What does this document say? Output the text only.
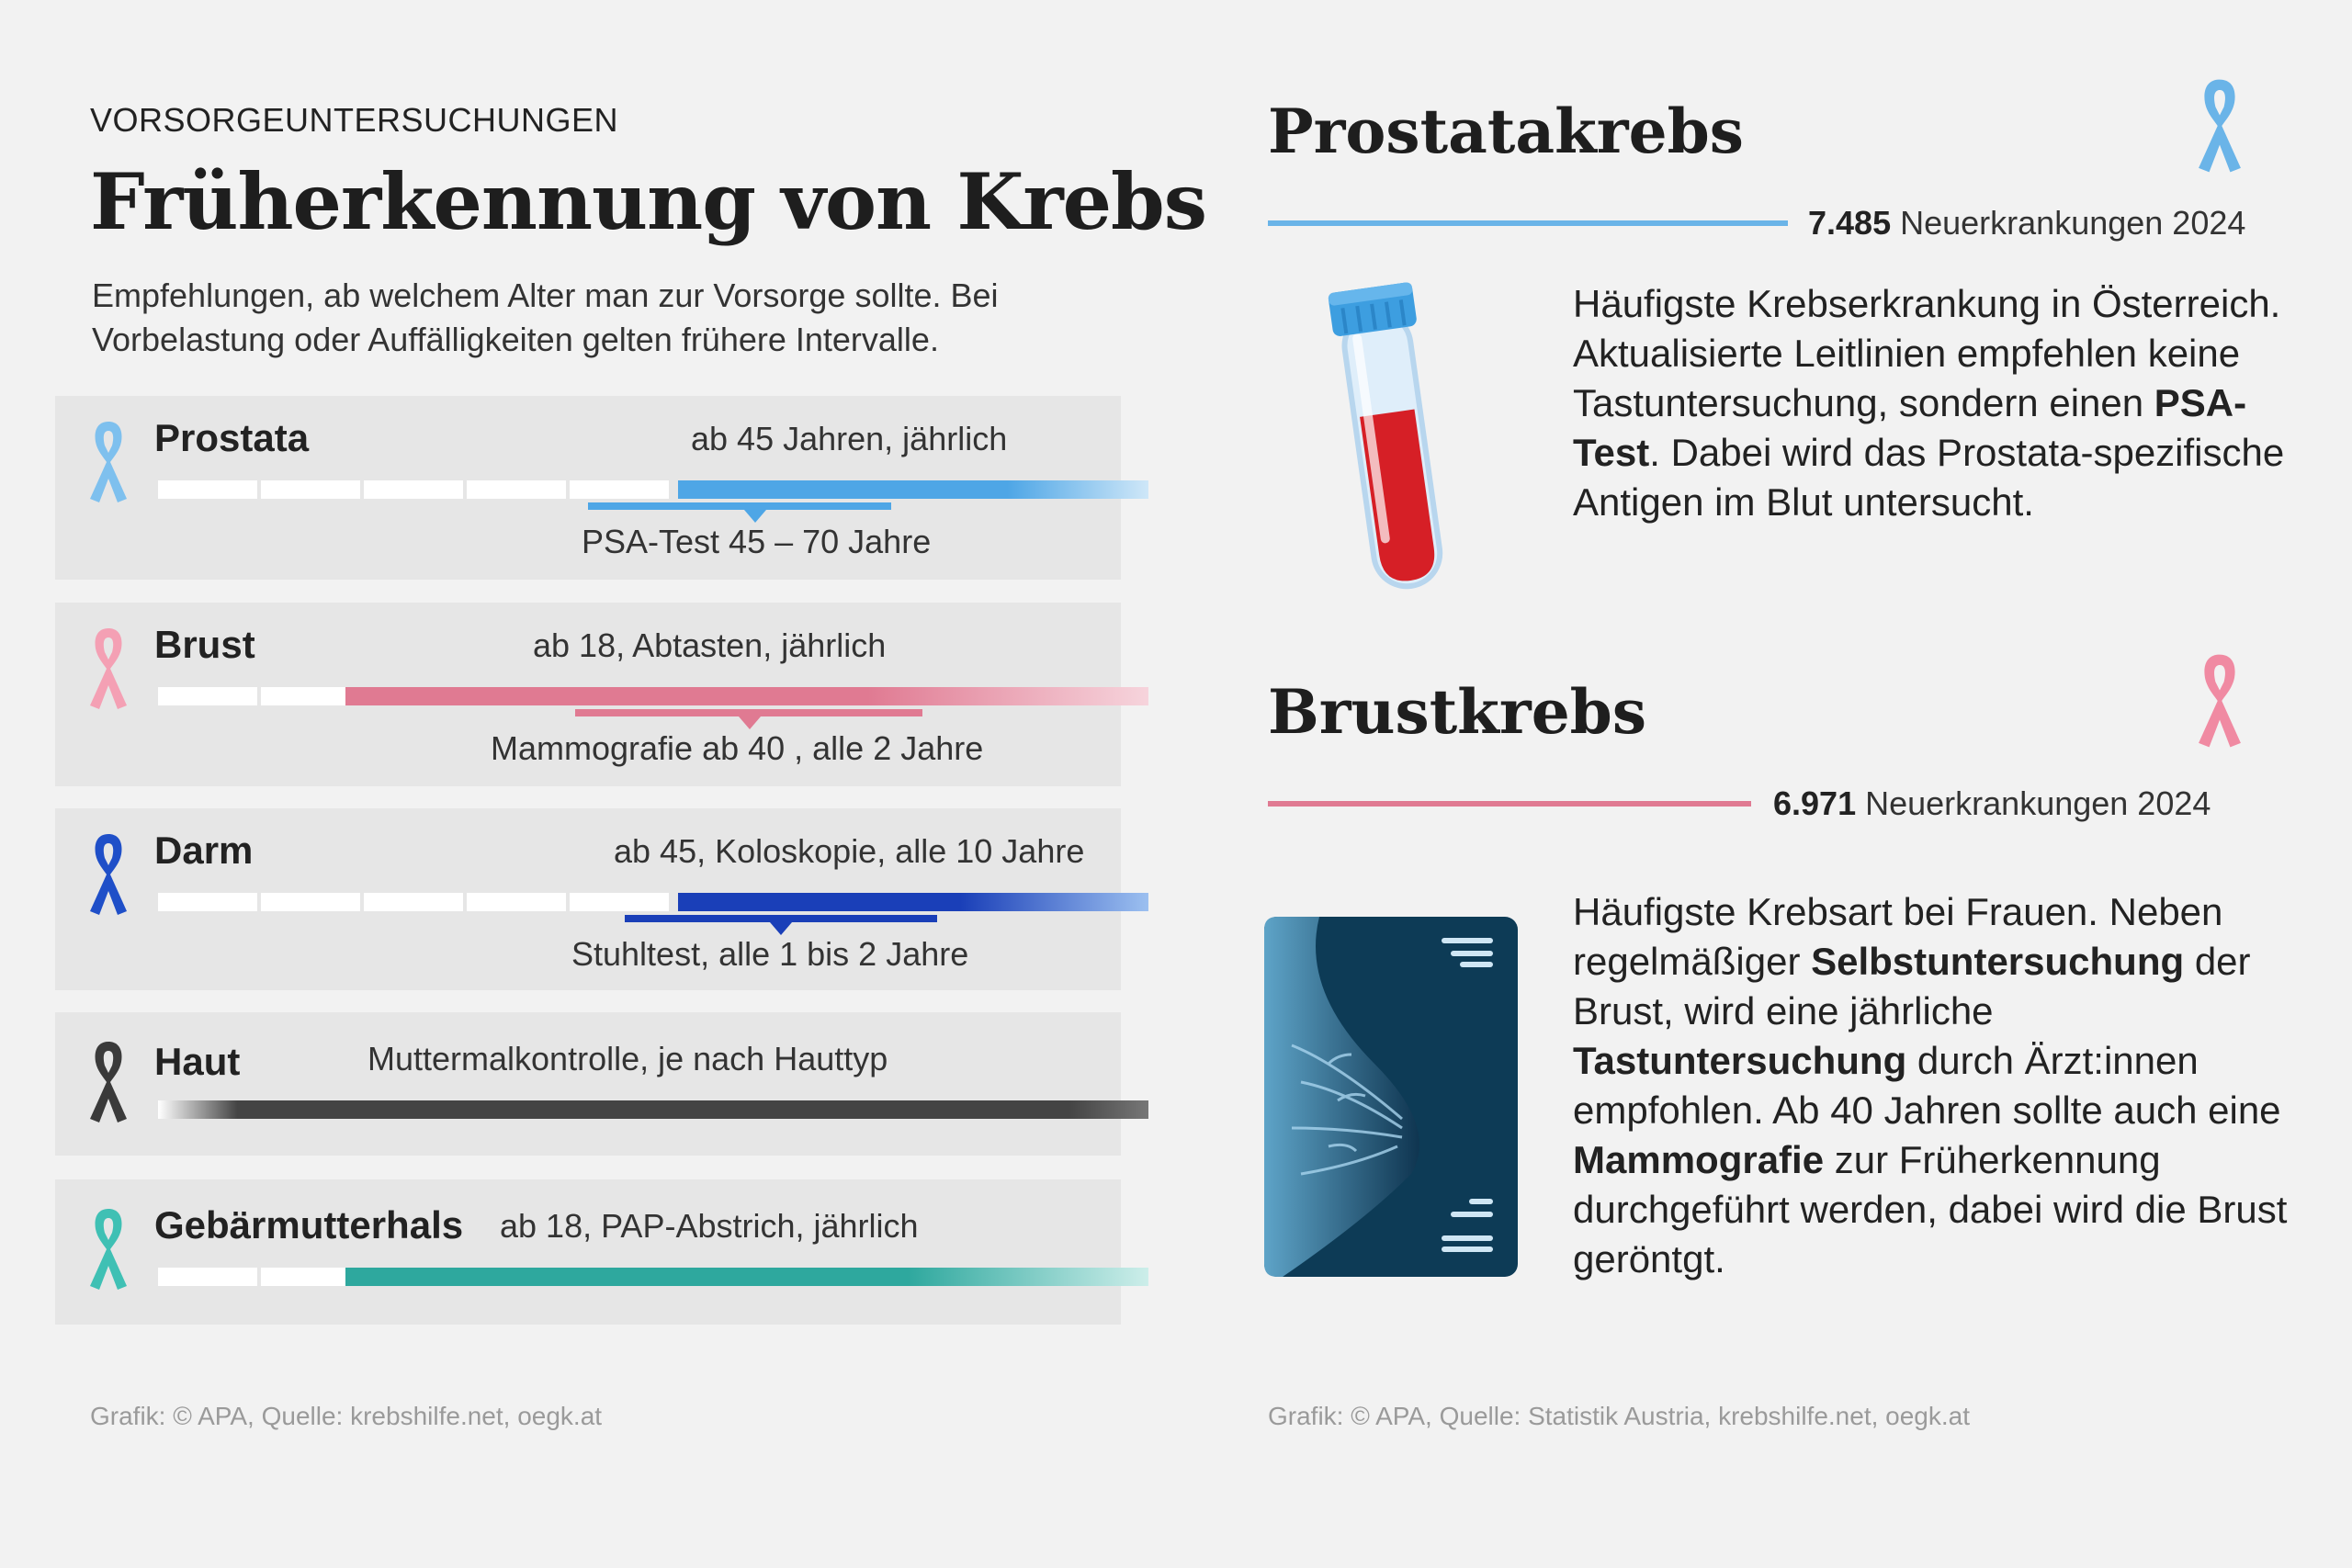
VORSORGEUNTERSUCHUNGEN
Früherkennung von Krebs
Empfehlungen, ab welchem Alter man zur Vorsorge sollte. Bei Vorbelastung oder Auffälligkeiten gelten frühere Intervalle.
Prostata	ab 45 Jahren, jährlich
PSA-Test 45 – 70 Jahre
Brust	ab 18, Abtasten, jährlich
Mammografie ab 40 , alle 2 Jahre
Darm	ab 45, Koloskopie, alle 10 Jahre
Stuhltest, alle 1 bis 2 Jahre
Haut	Muttermalkontrolle, je nach Hauttyp
Gebärmutterhals ab 18, PAP-Abstrich, jährlich
Grafik: © APA, Quelle: krebshilfe.net, oegk.at
Prostatakrebs
7.485 Neuerkrankungen 2024
Häufigste Krebserkrankung in Österreich. Aktualisierte Leitlinien empfehlen keine Tastuntersuchung, sondern einen PSA-Test. Dabei wird das Prostata-spezifische Antigen im Blut untersucht.
Brustkrebs
6.971 Neuerkrankungen 2024
Häufigste Krebsart bei Frauen. Neben regelmäßiger Selbstuntersuchung der Brust, wird eine jährliche Tastuntersuchung durch Ärzt:innen empfohlen. Ab 40 Jahren sollte auch eine Mammografie zur Früherkennung durchgeführt werden, dabei wird die Brust geröntgt.
Grafik: © APA, Quelle: Statistik Austria, krebshilfe.net, oegk.at
